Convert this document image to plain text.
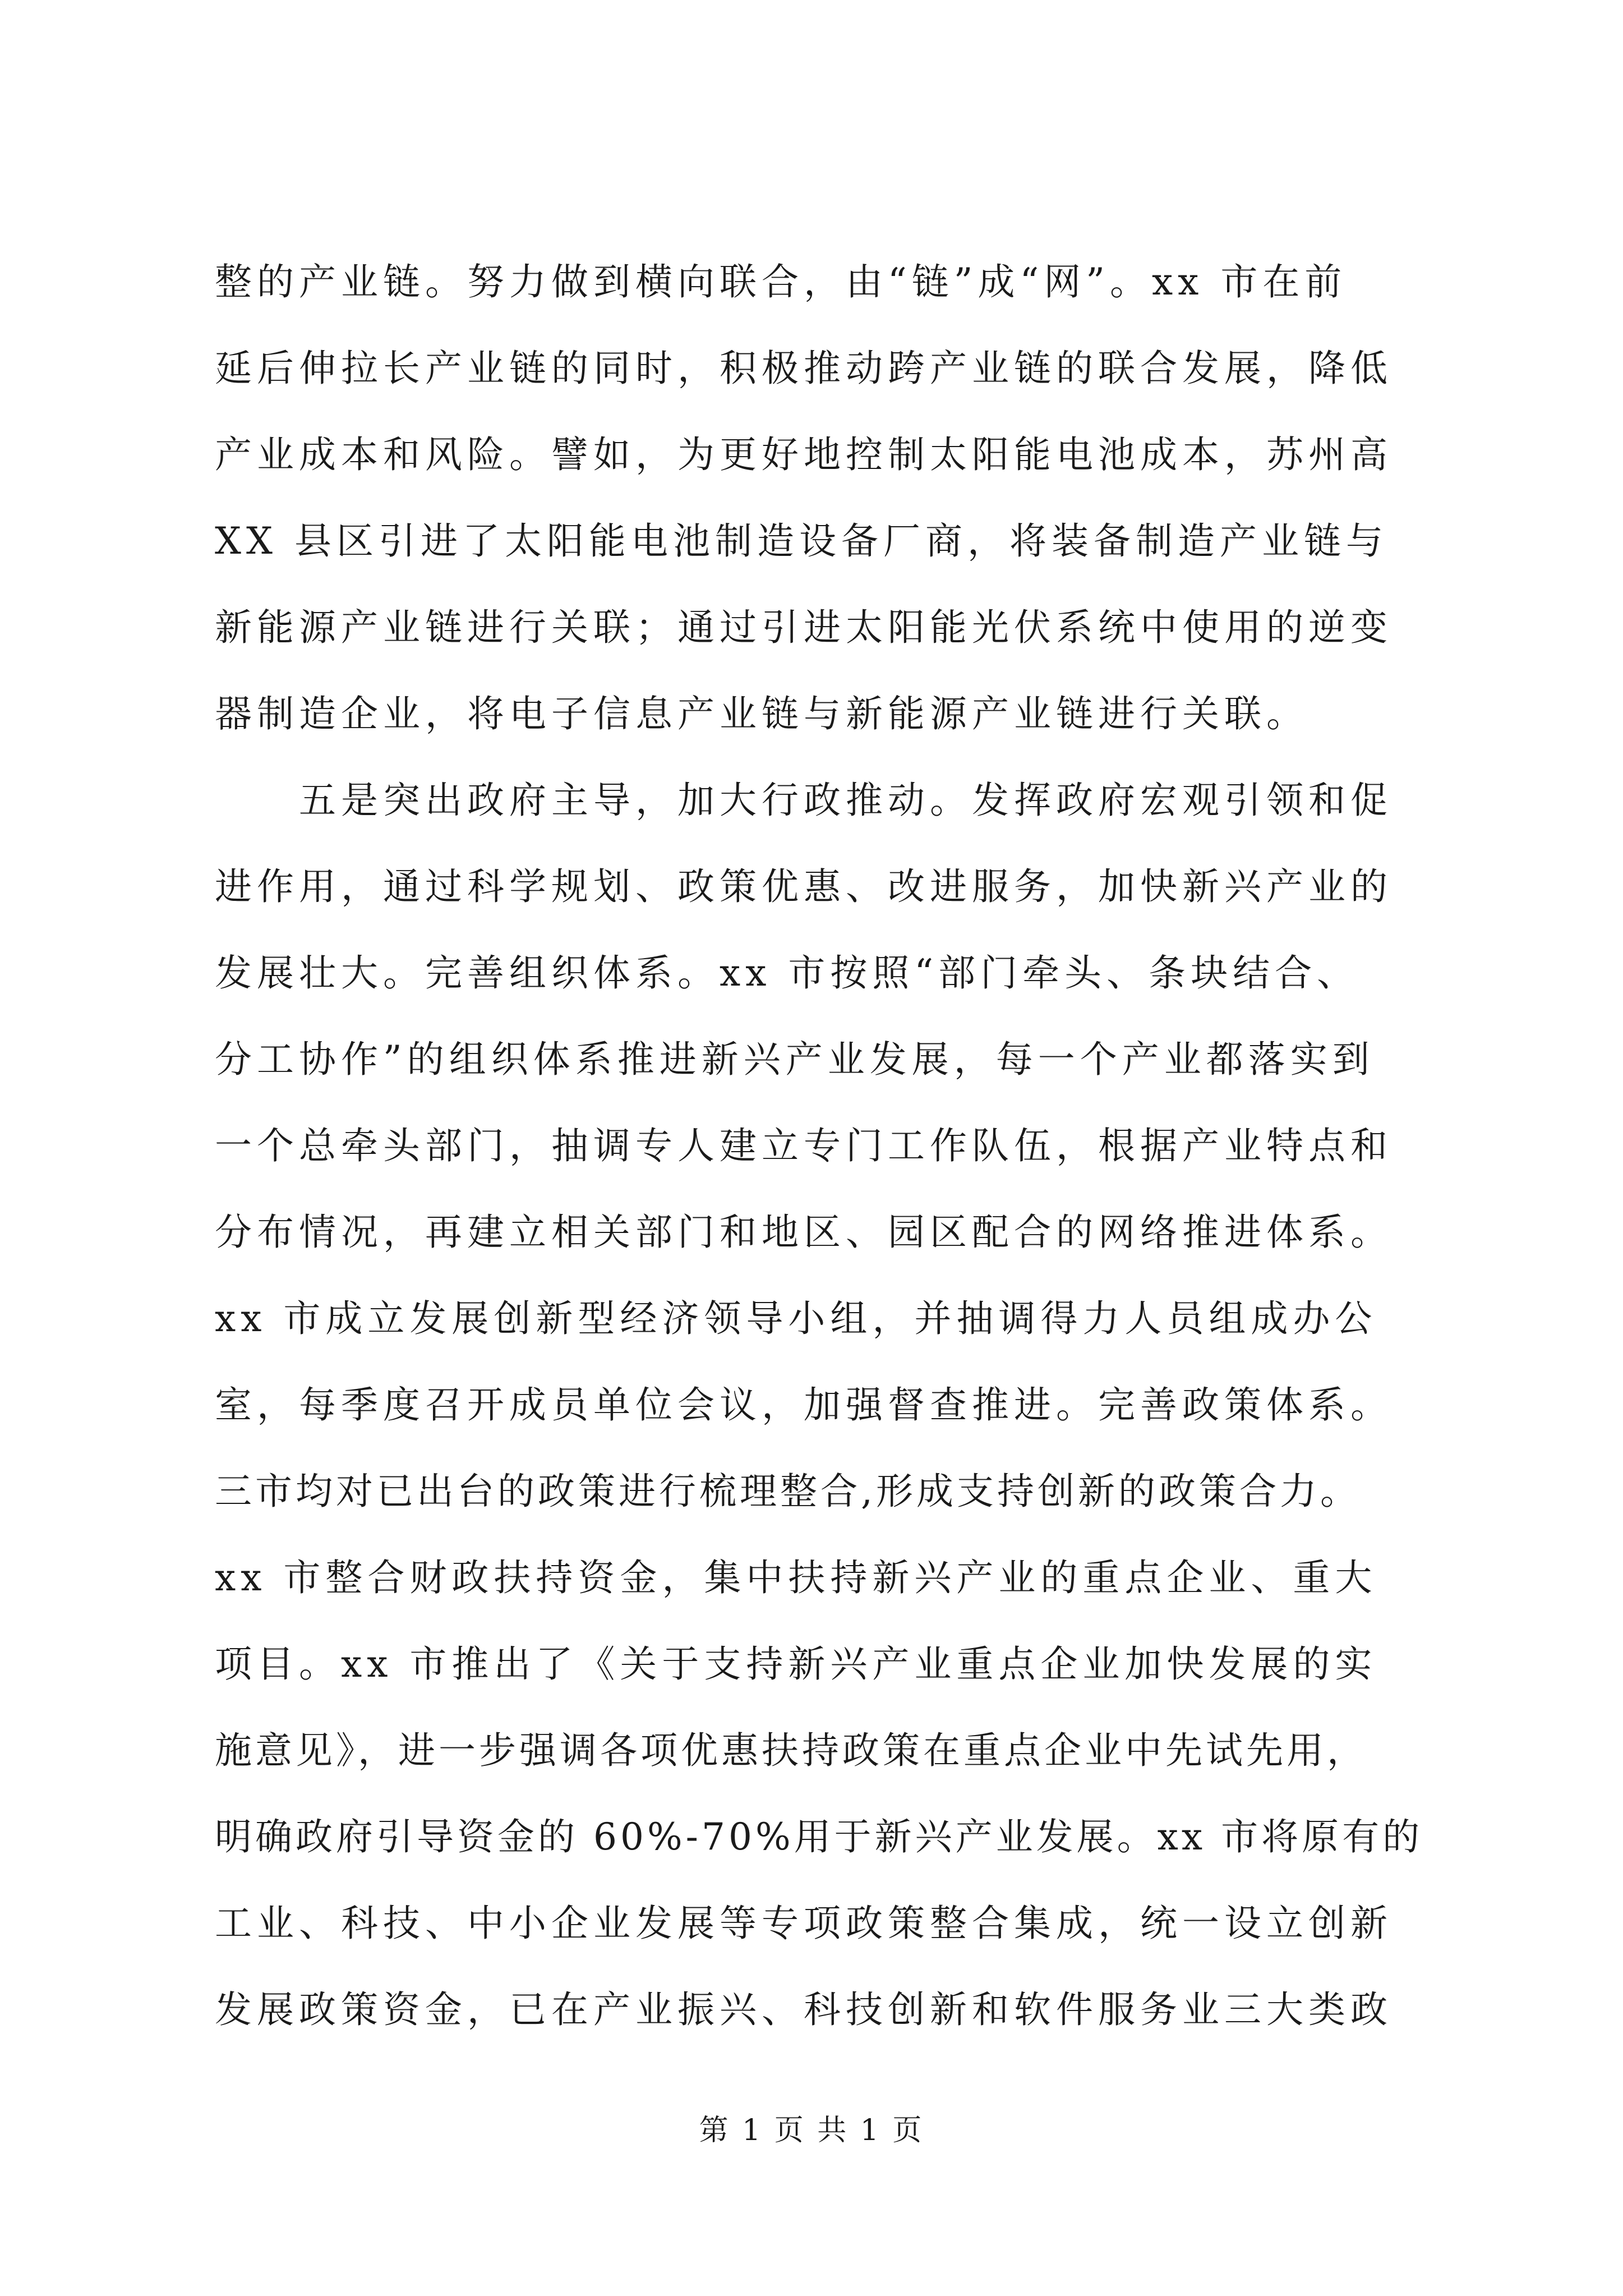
整的产业链。努力做到横向联合，由“链”成“网”。xx 市在前
延后伸拉长产业链的同时，积极推动跨产业链的联合发展，降低
产业成本和风险。譬如，为更好地控制太阳能电池成本，苏州高
XX 县区引进了太阳能电池制造设备厂商，将装备制造产业链与
新能源产业链进行关联；通过引进太阳能光伏系统中使用的逆变
器制造企业，将电子信息产业链与新能源产业链进行关联。
　　五是突出政府主导，加大行政推动。发挥政府宏观引领和促
进作用，通过科学规划、政策优惠、改进服务，加快新兴产业的
发展壮大。完善组织体系。xx 市按照“部门牵头、条块结合、
分工协作”的组织体系推进新兴产业发展，每一个产业都落实到
一个总牵头部门，抽调专人建立专门工作队伍，根据产业特点和
分布情况，再建立相关部门和地区、园区配合的网络推进体系。
xx 市成立发展创新型经济领导小组，并抽调得力人员组成办公
室，每季度召开成员单位会议，加强督查推进。完善政策体系。
三市均对已出台的政策进行梳理整合,形成支持创新的政策合力。
xx 市整合财政扶持资金，集中扶持新兴产业的重点企业、重大
项目。xx 市推出了《关于支持新兴产业重点企业加快发展的实
施意见》，进一步强调各项优惠扶持政策在重点企业中先试先用，
明确政府引导资金的 60%-70%用于新兴产业发展。xx 市将原有的
工业、科技、中小企业发展等专项政策整合集成，统一设立创新
发展政策资金，已在产业振兴、科技创新和软件服务业三大类政
第 1 页 共 1 页
